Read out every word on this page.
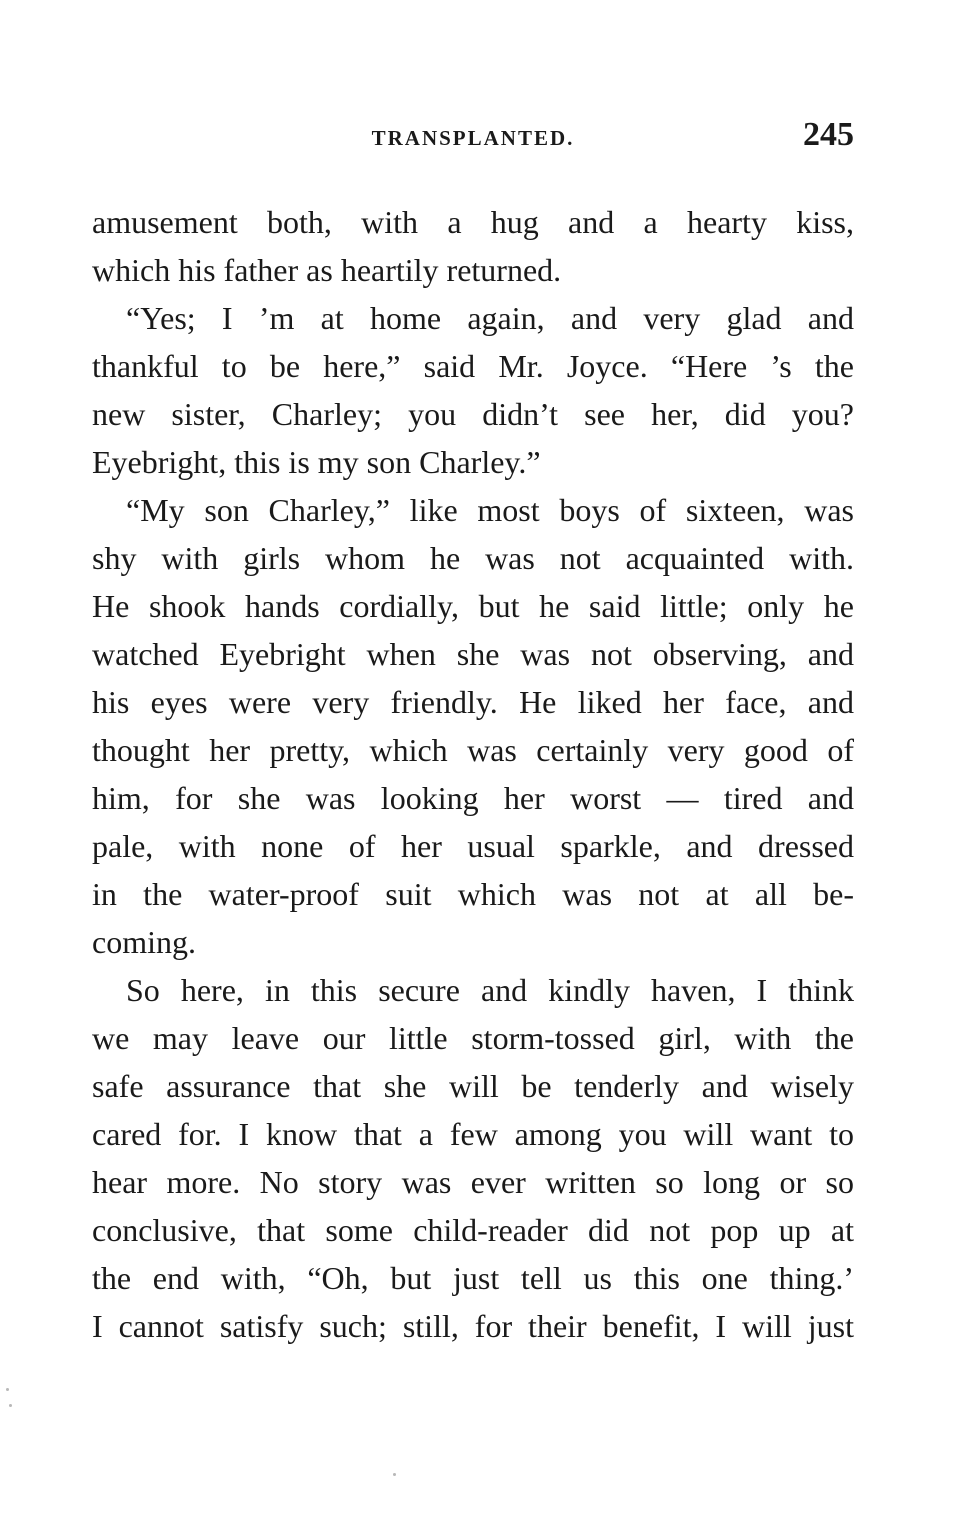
TRANSPLANTED.	245
amusement both, with a hug and a hearty kiss,
which his father as heartily returned.
“Yes; I ’m at home again, and very glad and
thankful to be here,” said Mr. Joyce. “Here ’s the
new sister, Charley; you didn’t see her, did you?
Eyebright, this is my son Charley.”
“My son Charley,” like most boys of sixteen, was
shy with girls whom he was not acquainted with.
He shook hands cordially, but he said little; only he
watched Eyebright when she was not observing, and
his eyes were very friendly. He liked her face, and
thought her pretty, which was certainly very good of
him, for she was looking her worst — tired and
pale, with none of her usual sparkle, and dressed
in the water-proof suit which was not at all be-
coming.
So here, in this secure and kindly haven, I think
we may leave our little storm-tossed girl, with the
safe assurance that she will be tenderly and wisely
cared for. I know that a few among you will want to
hear more. No story was ever written so long or so
conclusive, that some child-reader did not pop up at
the end with, “Oh, but just tell us this one thing.’
I cannot satisfy such; still, for their benefit, I will just
